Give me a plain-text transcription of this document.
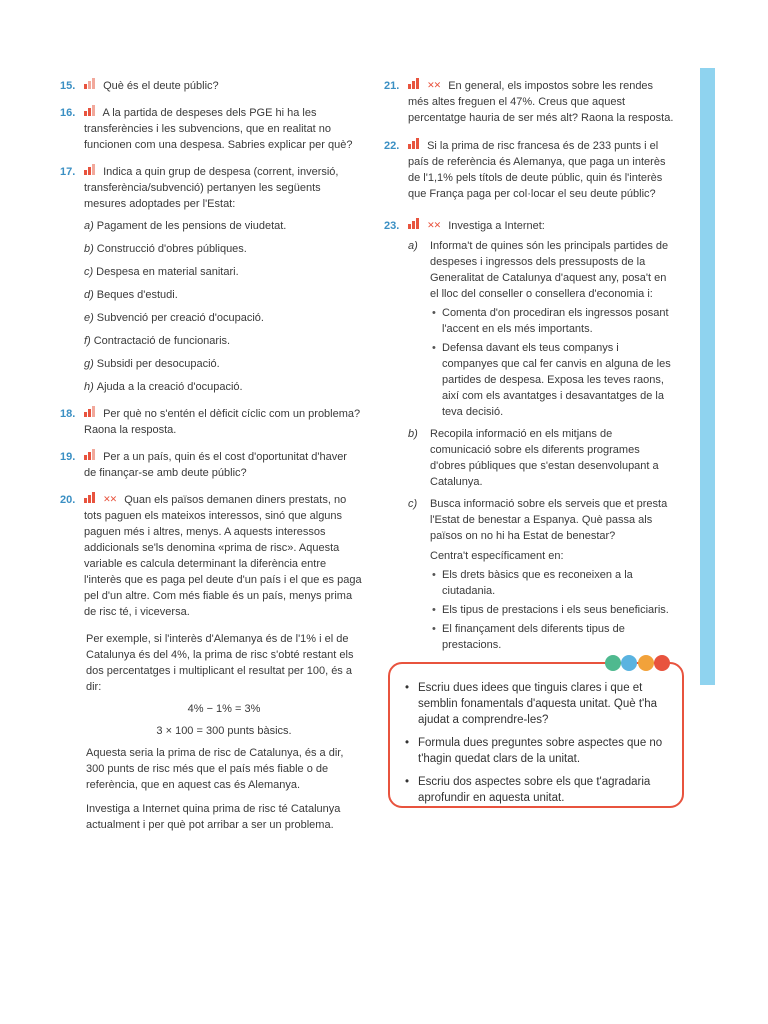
15.	Què és el deute públic?
16. A la partida de despeses dels PGE hi ha les transferències i les subvencions, que en realitat no funcionen com una despesa. Sabries explicar per què?
17.	Indica a quin grup de despesa (corrent, inversió, transferència/subvenció) pertanyen les següents mesures adoptades per l'Estat:
a) Pagament de les pensions de viudetat.
b) Construcció d'obres públiques.
c) Despesa en material sanitari.
d) Beques d'estudi.
e) Subvenció per creació d'ocupació.
f) Contractació de funcionaris.
g) Subsidi per desocupació.
h) Ajuda a la creació d'ocupació.
18.	Per què no s'entén el dèficit cíclic com un problema? Raona la resposta.
19.	Per a un país, quin és el cost d'oportunitat d'haver de finançar-se amb deute públic?
20.	✕✕ Quan els països demanen diners prestats, no tots paguen els mateixos interessos, sinó que alguns paguen més i altres, menys. A aquests interessos addicionals se'ls denomina «prima de risc». Aquesta variable es calcula determinant la diferència entre l'interès que es paga pel deute d'un país i el que es paga pel d'un altre. Com més fiable és un país, menys prima de risc té, i viceversa.
Per exemple, si l'interès d'Alemanya és de l'1% i el de Catalunya és del 4%, la prima de risc s'obté restant els dos percentatges i multiplicant el resultat per 100, és a dir:
4% − 1% = 3%
3 × 100 = 300 punts bàsics.
Aquesta seria la prima de risc de Catalunya, és a dir, 300 punts de risc més que el país més fiable o de referència, que en aquest cas és Alemanya.
Investiga a Internet quina prima de risc té Catalunya actualment i per què pot arribar a ser un problema.
21.	✕✕ En general, els impostos sobre les rendes més altes freguen el 47%. Creus que aquest percentatge hauria de ser més alt? Raona la resposta.
22.	Si la prima de risc francesa és de 233 punts i el país de referència és Alemanya, que paga un interès de l'1,1% pels títols de deute públic, quin és l'interès que França paga per col·locar el seu deute públic?
23.	✕✕ Investiga a Internet:
a) Informa't de quines són les principals partides de despeses i ingressos dels pressuposts de la Generalitat de Catalunya d'aquest any, posa't en el lloc del conseller o consellera d'economia i:
• Comenta d'on procediran els ingressos posant l'accent en els més importants.
• Defensa davant els teus companys i companyes que cal fer canvis en alguna de les partides de despesa. Exposa les teves raons, així com els avantatges i desavantatges de la teva decisió.
b) Recopila informació en els mitjans de comunicació sobre els diferents programes d'obres públiques que s'estan desenvolupant a Catalunya.
c) Busca informació sobre els serveis que et presta l'Estat de benestar a Espanya. Què passa als països on no hi ha Estat de benestar?
Centra't específicament en:
• Els drets bàsics que es reconeixen a la ciutadania.
• Els tipus de prestacions i els seus beneficiaris.
• El finançament dels diferents tipus de prestacions.

• Escriu dues idees que tinguis clares i que et semblin fonamentals d'aquesta unitat. Què t'ha ajudat a comprendre-les?
• Formula dues preguntes sobre aspectes que no t'hagin quedat clars de la unitat.
• Escriu dos aspectes sobre els que t'agradaria aprofundir en aquesta unitat.
